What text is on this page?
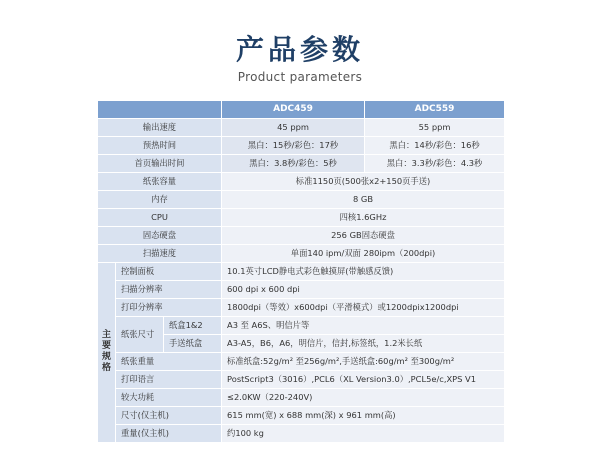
产品参数
Product parameters
			ADC459	ADC559
输出速度			45 ppm	55 ppm
预热时间			黑白：15秒/彩色：17秒	黑白：14秒/彩色：16秒
首页输出时间			黑白：3.8秒/彩色：5秒	黑白：3.3秒/彩色：4.3秒
纸张容量			标准1150页(500张x2+150页手送)	
内存			8 GB	
CPU			四核1.6GHz	
固态硬盘			256 GB固态硬盘	
扫描速度			单面140 ipm/双面 280ipm（200dpi)	
主要规格	控制面板		10.1英寸LCD静电式彩色触摸屏(带触感反馈)	
	扫描分辨率		600 dpi x 600 dpi	
	打印分辨率		1800dpi（等效）x600dpi（平滑模式）或1200dpix1200dpi	
	纸张尺寸	纸盒1&2	A3 至 A6S、明信片等	
		手送纸盒	A3-A5，B6，A6，明信片，信封,标签纸，1.2米长纸	
	纸张重量		标准纸盒:52g/m² 至256g/m²,手送纸盒:60g/m² 至300g/m²	
	打印语言		PostScript3（3016）,PCL6（XL Version3.0）,PCL5e/c,XPS V1	
	较大功耗		≤2.0KW（220-240V)	
	尺寸(仅主机)		615 mm(宽) x 688 mm(深) x 961 mm(高)	
	重量(仅主机)		约100 kg	
